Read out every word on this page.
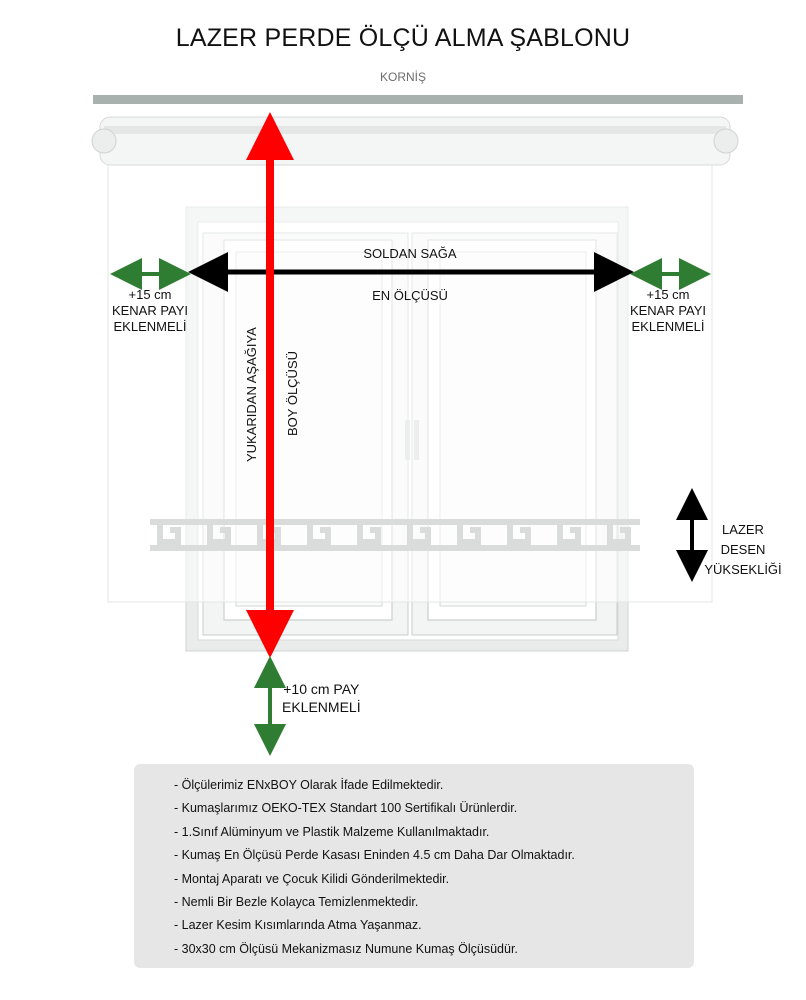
LAZER PERDE ÖLÇÜ ALMA ŞABLONU
KORNİŞ
SOLDAN SAĞA
EN ÖLÇÜSÜ
+15 cm
KENAR PAYI
EKLENMELİ
+15 cm
KENAR PAYI
EKLENMELİ
YUKARIDAN AŞAĞIYA BOY ÖLÇÜSÜ
LAZER DESEN
YÜKSEKLİĞİ
+10 cm PAY
EKLENMELİ
- Ölçülerimiz ENxBOY Olarak İfade Edilmektedir.
- Kumaşlarımız OEKO-TEX Standart 100 Sertifikalı Ürünlerdir.
- 1.Sınıf Alüminyum ve Plastik Malzeme Kullanılmaktadır.
- Kumaş En Ölçüsü Perde Kasası Eninden 4.5 cm Daha Dar Olmaktadır.
- Montaj Aparatı ve Çocuk Kilidi Gönderilmektedir.
- Nemli Bir Bezle Kolayca Temizlenmektedir.
- Lazer Kesim Kısımlarında Atma Yaşanmaz.
- 30x30 cm Ölçüsü Mekanizmasız Numune Kumaş Ölçüsüdür.
